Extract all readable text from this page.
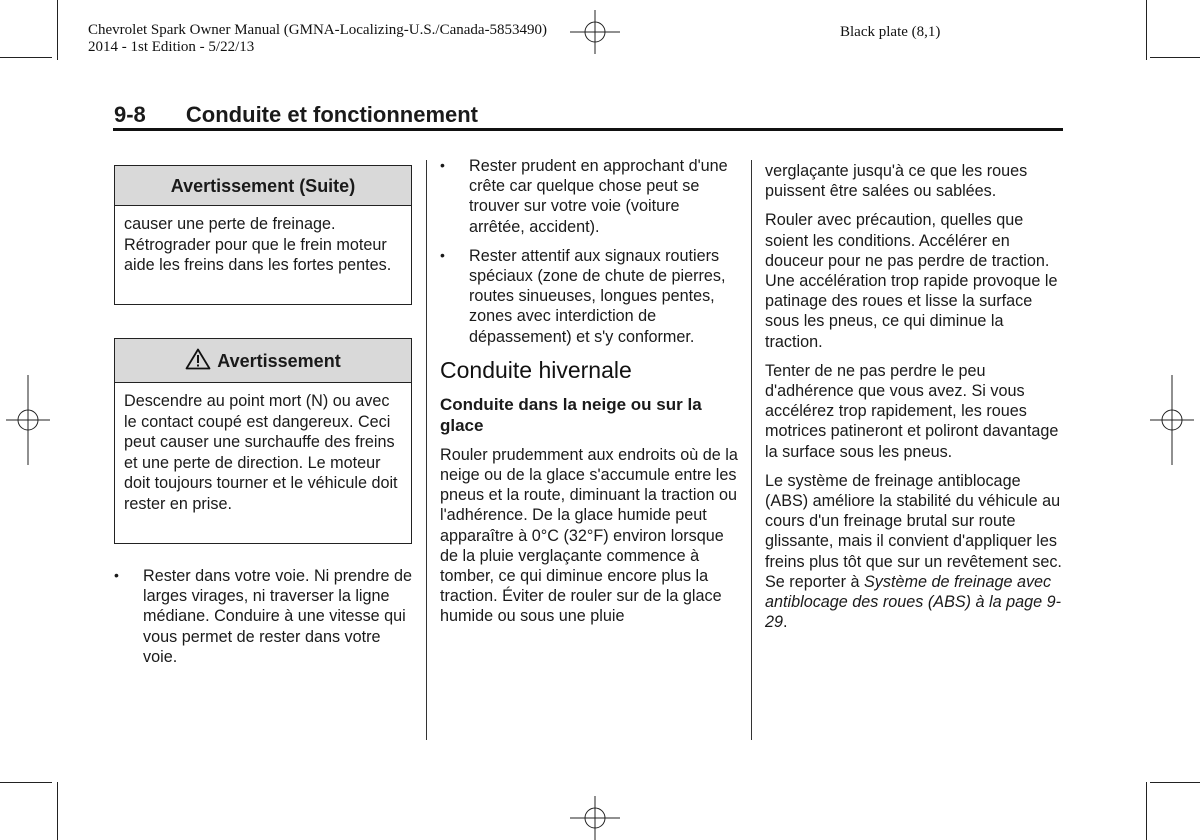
Chevrolet Spark Owner Manual (GMNA-Localizing-U.S./Canada-5853490)
2014 - 1st Edition - 5/22/13
Black plate (8,1)
9-8 Conduite et fonctionnement
Avertissement (Suite)
causer une perte de freinage. Rétrograder pour que le frein moteur aide les freins dans les fortes pentes.
Avertissement
Descendre au point mort (N) ou avec le contact coupé est dangereux. Ceci peut causer une surchauffe des freins et une perte de direction. Le moteur doit toujours tourner et le véhicule doit rester en prise.
• Rester dans votre voie. Ni prendre de larges virages, ni traverser la ligne médiane. Conduire à une vitesse qui vous permet de rester dans votre voie.
• Rester prudent en approchant d'une crête car quelque chose peut se trouver sur votre voie (voiture arrêtée, accident).
• Rester attentif aux signaux routiers spéciaux (zone de chute de pierres, routes sinueuses, longues pentes, zones avec interdiction de dépassement) et s'y conformer.
Conduite hivernale
Conduite dans la neige ou sur la glace

Rouler prudemment aux endroits où de la neige ou de la glace s'accumule entre les pneus et la route, diminuant la traction ou l'adhérence. De la glace humide peut apparaître à 0°C (32°F) environ lorsque de la pluie verglaçante commence à tomber, ce qui diminue encore plus la traction. Éviter de rouler sur de la glace humide ou sous une pluie

verglaçante jusqu'à ce que les roues puissent être salées ou sablées.

Rouler avec précaution, quelles que soient les conditions. Accélérer en douceur pour ne pas perdre de traction. Une accélération trop rapide provoque le patinage des roues et lisse la surface sous les pneus, ce qui diminue la traction.

Tenter de ne pas perdre le peu d'adhérence que vous avez. Si vous accélérez trop rapidement, les roues motrices patineront et poliront davantage la surface sous les pneus.

Le système de freinage antiblocage (ABS) améliore la stabilité du véhicule au cours d'un freinage brutal sur route glissante, mais il convient d'appliquer les freins plus tôt que sur un revêtement sec. Se reporter à Système de freinage avec antiblocage des roues (ABS) à la page 9-29.
